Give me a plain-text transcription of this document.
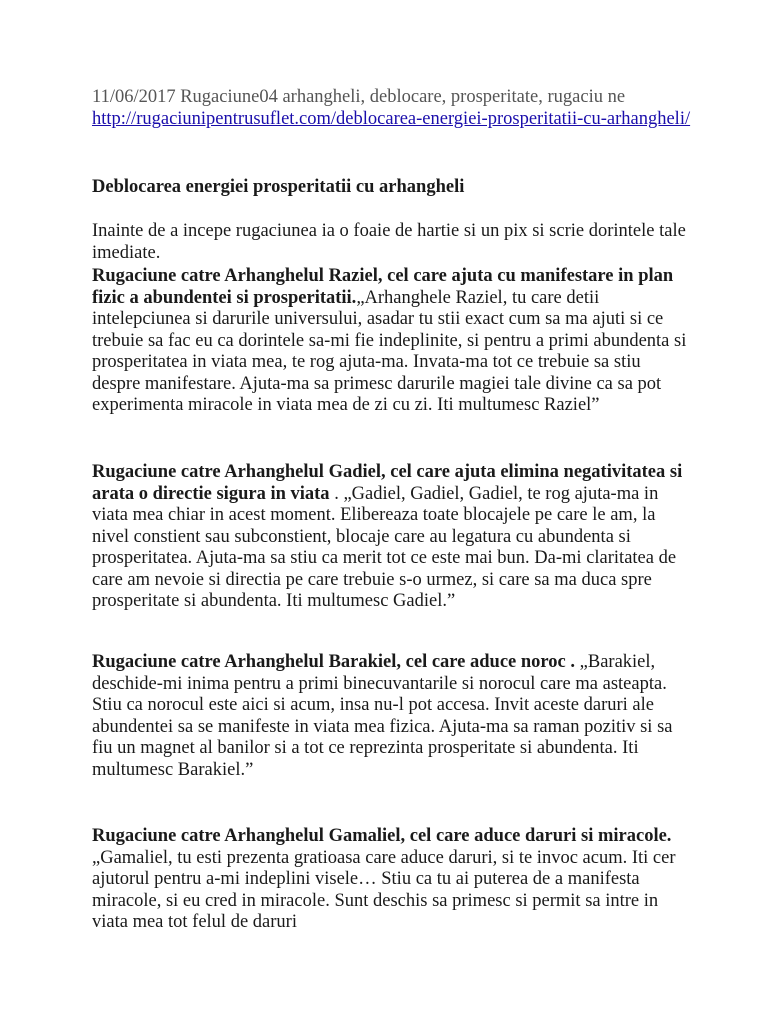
11/06/2017 Rugaciune04 arhangheli, deblocare, prosperitate, rugaciu ne http://rugaciunipentrusuflet.com/deblocarea-energiei-prosperitatii-cu-arhangheli/
Deblocarea energiei prosperitatii cu arhangheli

Inainte de a incepe rugaciunea ia o foaie de hartie si un pix si scrie dorintele tale imediate.

Rugaciune catre Arhanghelul Raziel, cel care ajuta cu manifestare in plan fizic a abundentei si prosperitatii.„Arhanghele Raziel, tu care detii intelepciunea si darurile universului, asadar tu stii exact cum sa ma ajuti si ce trebuie sa fac eu ca dorintele sa-mi fie indeplinite, si pentru a primi abundenta si prosperitatea in viata mea, te rog ajuta-ma. Invata-ma tot ce trebuie sa stiu despre manifestare. Ajuta-ma sa primesc darurile magiei tale divine ca sa pot experimenta miracole in viata mea de zi cu zi. Iti multumesc Raziel”

Rugaciune catre Arhanghelul Gadiel, cel care ajuta elimina negativitatea si arata o directie sigura in viata . „Gadiel, Gadiel, Gadiel, te rog ajuta-ma in viata mea chiar in acest moment. Elibereaza toate blocajele pe care le am, la nivel constient sau subconstient, blocaje care au legatura cu abundenta si prosperitatea. Ajuta-ma sa stiu ca merit tot ce este mai bun. Da-mi claritatea de care am nevoie si directia pe care trebuie s-o urmez, si care sa ma duca spre prosperitate si abundenta. Iti multumesc Gadiel.”

Rugaciune catre Arhanghelul Barakiel, cel care aduce noroc . „Barakiel, deschide-mi inima pentru a primi binecuvantarile si norocul care ma asteapta. Stiu ca norocul este aici si acum, insa nu-l pot accesa. Invit aceste daruri ale abundentei sa se manifeste in viata mea fizica. Ajuta-ma sa raman pozitiv si sa fiu un magnet al banilor si a tot ce reprezinta prosperitate si abundenta. Iti multumesc Barakiel.”

Rugaciune catre Arhanghelul Gamaliel, cel care aduce daruri si miracole.„Gamaliel, tu esti prezenta gratioasa care aduce daruri, si te invoc acum. Iti cer ajutorul pentru a-mi indeplini visele… Stiu ca tu ai puterea de a manifesta miracole, si eu cred in miracole. Sunt deschis sa primesc si permit sa intre in viata mea tot felul de daruri
